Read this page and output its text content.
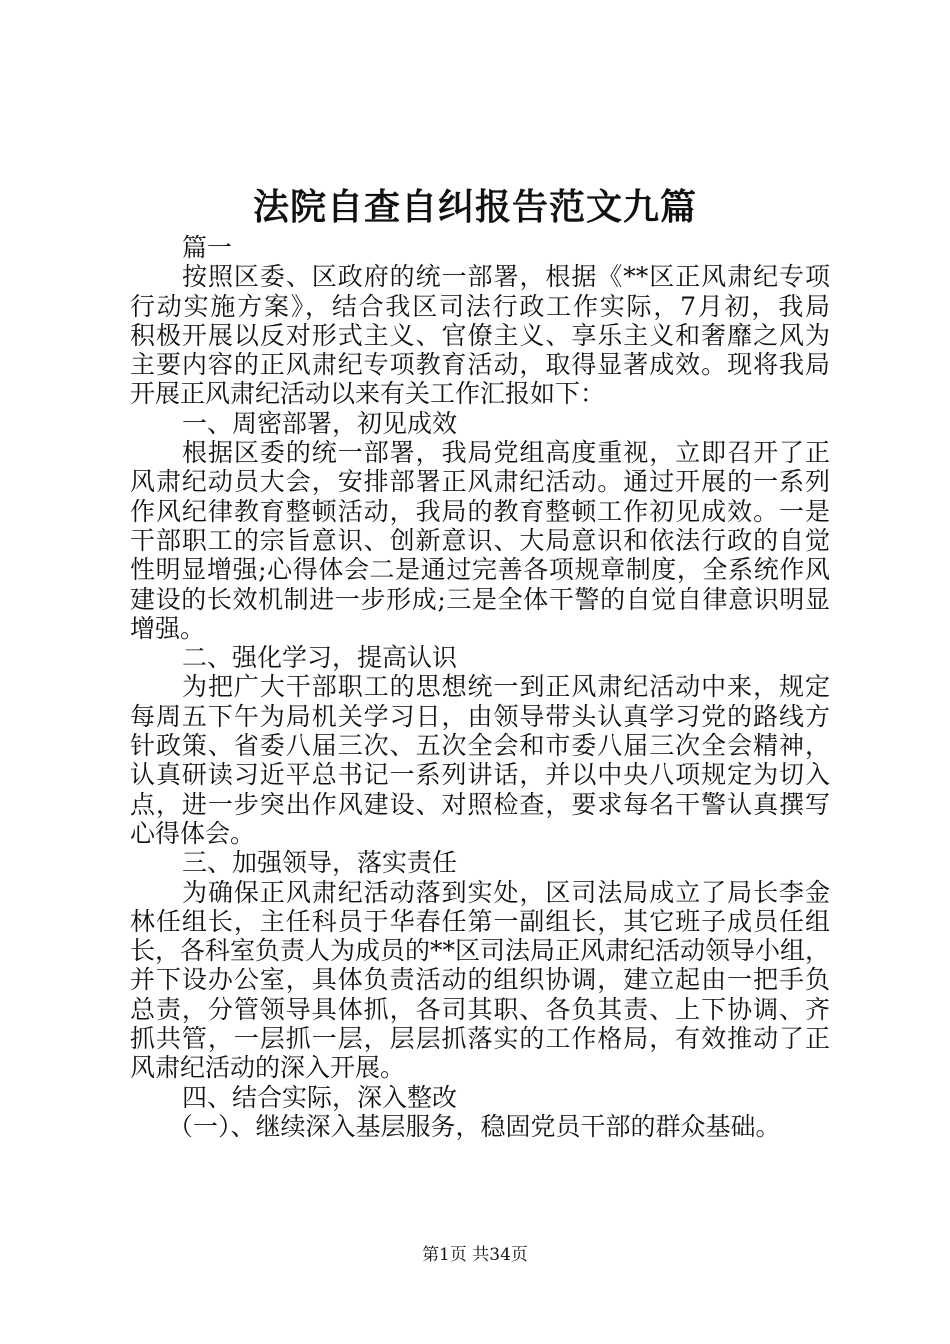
法院自查自纠报告范文九篇
篇一
按照区委、区政府的统一部署，根据《**区正风肃纪专项
行动实施方案》，结合我区司法行政工作实际，7月初，我局
积极开展以反对形式主义、官僚主义、享乐主义和奢靡之风为
主要内容的正风肃纪专项教育活动，取得显著成效。现将我局
开展正风肃纪活动以来有关工作汇报如下：
一、周密部署，初见成效
根据区委的统一部署，我局党组高度重视，立即召开了正
风肃纪动员大会，安排部署正风肃纪活动。通过开展的一系列
作风纪律教育整顿活动，我局的教育整顿工作初见成效。一是
干部职工的宗旨意识、创新意识、大局意识和依法行政的自觉
性明显增强;心得体会二是通过完善各项规章制度，全系统作风
建设的长效机制进一步形成;三是全体干警的自觉自律意识明显
增强。
二、强化学习，提高认识
为把广大干部职工的思想统一到正风肃纪活动中来，规定
每周五下午为局机关学习日，由领导带头认真学习党的路线方
针政策、省委八届三次、五次全会和市委八届三次全会精神，
认真研读习近平总书记一系列讲话，并以中央八项规定为切入
点，进一步突出作风建设、对照检查，要求每名干警认真撰写
心得体会。
三、加强领导，落实责任
为确保正风肃纪活动落到实处，区司法局成立了局长李金
林任组长，主任科员于华春任第一副组长，其它班子成员任组
长，各科室负责人为成员的**区司法局正风肃纪活动领导小组，
并下设办公室，具体负责活动的组织协调，建立起由一把手负
总责，分管领导具体抓，各司其职、各负其责、上下协调、齐
抓共管，一层抓一层，层层抓落实的工作格局，有效推动了正
风肃纪活动的深入开展。
四、结合实际，深入整改
（一）、继续深入基层服务，稳固党员干部的群众基础。
第1页 共34页
